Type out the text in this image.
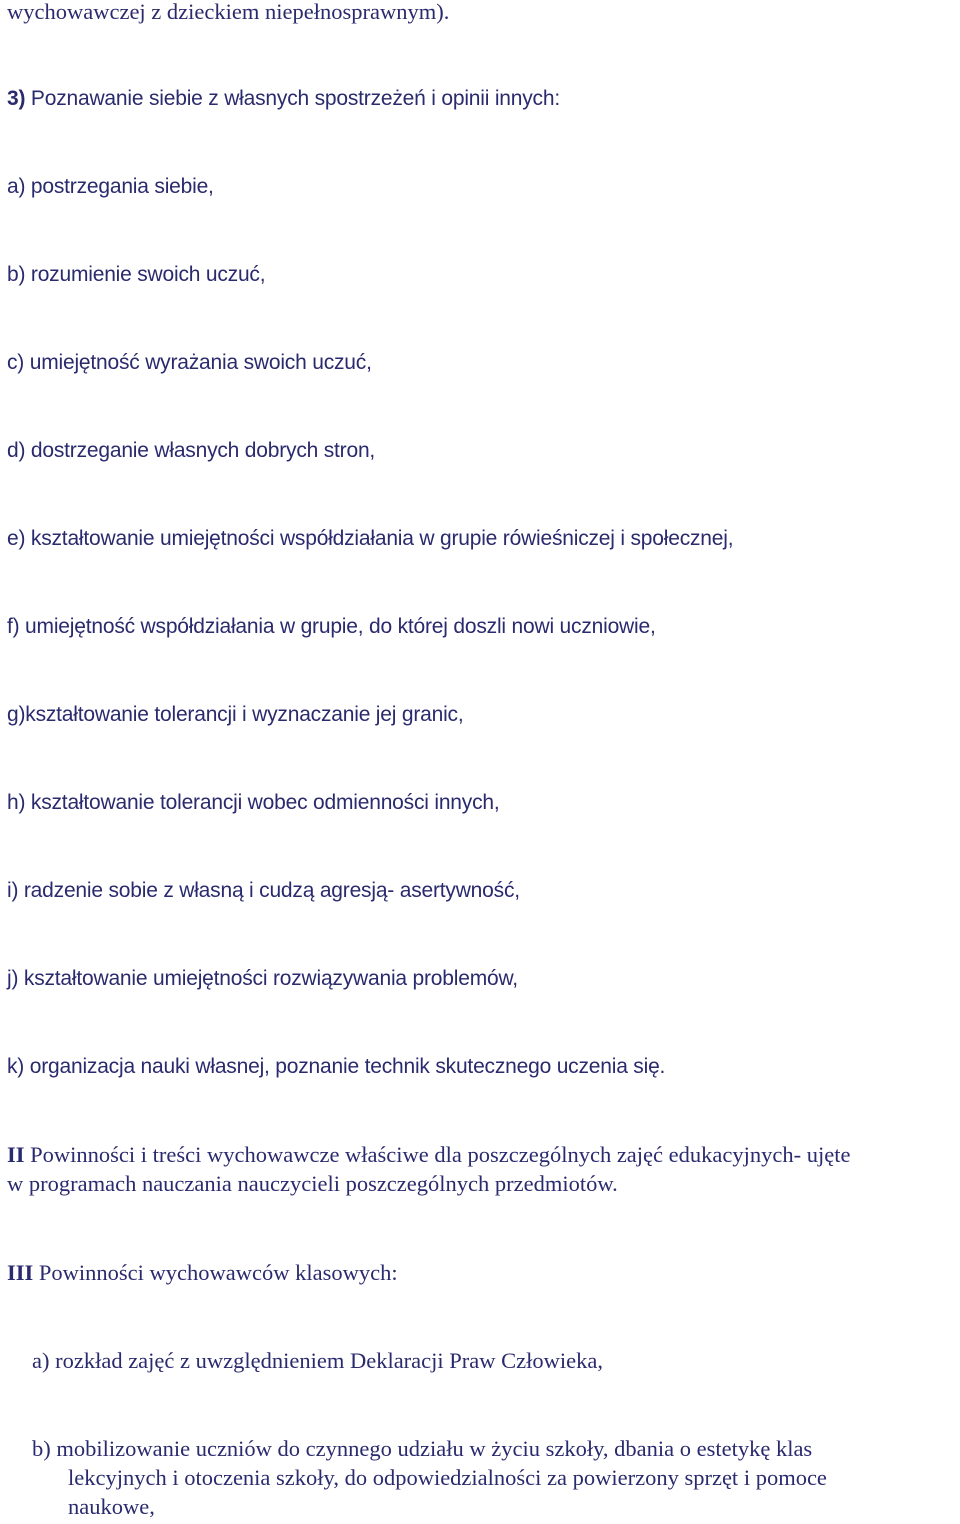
wychowawczej z dzieckiem niepełnosprawnym).

3) Poznawanie siebie z własnych spostrzeżeń i opinii innych:

a) postrzegania siebie,

b) rozumienie swoich uczuć,

c) umiejętność wyrażania swoich uczuć,

d) dostrzeganie własnych dobrych stron,

e) kształtowanie umiejętności współdziałania w grupie rówieśniczej i społecznej,

f) umiejętność współdziałania w grupie, do której doszli nowi uczniowie,

g)kształtowanie tolerancji i wyznaczanie jej granic,

h) kształtowanie tolerancji wobec odmienności innych,

i) radzenie sobie z własną i cudzą agresją- asertywność,

j) kształtowanie umiejętności rozwiązywania problemów,

k) organizacja nauki własnej, poznanie technik skutecznego uczenia się.

II Powinności i treści wychowawcze właściwe dla poszczególnych zajęć edukacyjnych- ujęte
w programach nauczania nauczycieli poszczególnych przedmiotów.
III Powinności wychowawców klasowych:
a) rozkład zajęć z uwzględnieniem Deklaracji Praw Człowieka,
b) mobilizowanie uczniów do czynnego udziału w życiu szkoły, dbania o estetykę klas
lekcyjnych i otoczenia szkoły, do odpowiedzialności za powierzony sprzęt i pomoce
naukowe,
